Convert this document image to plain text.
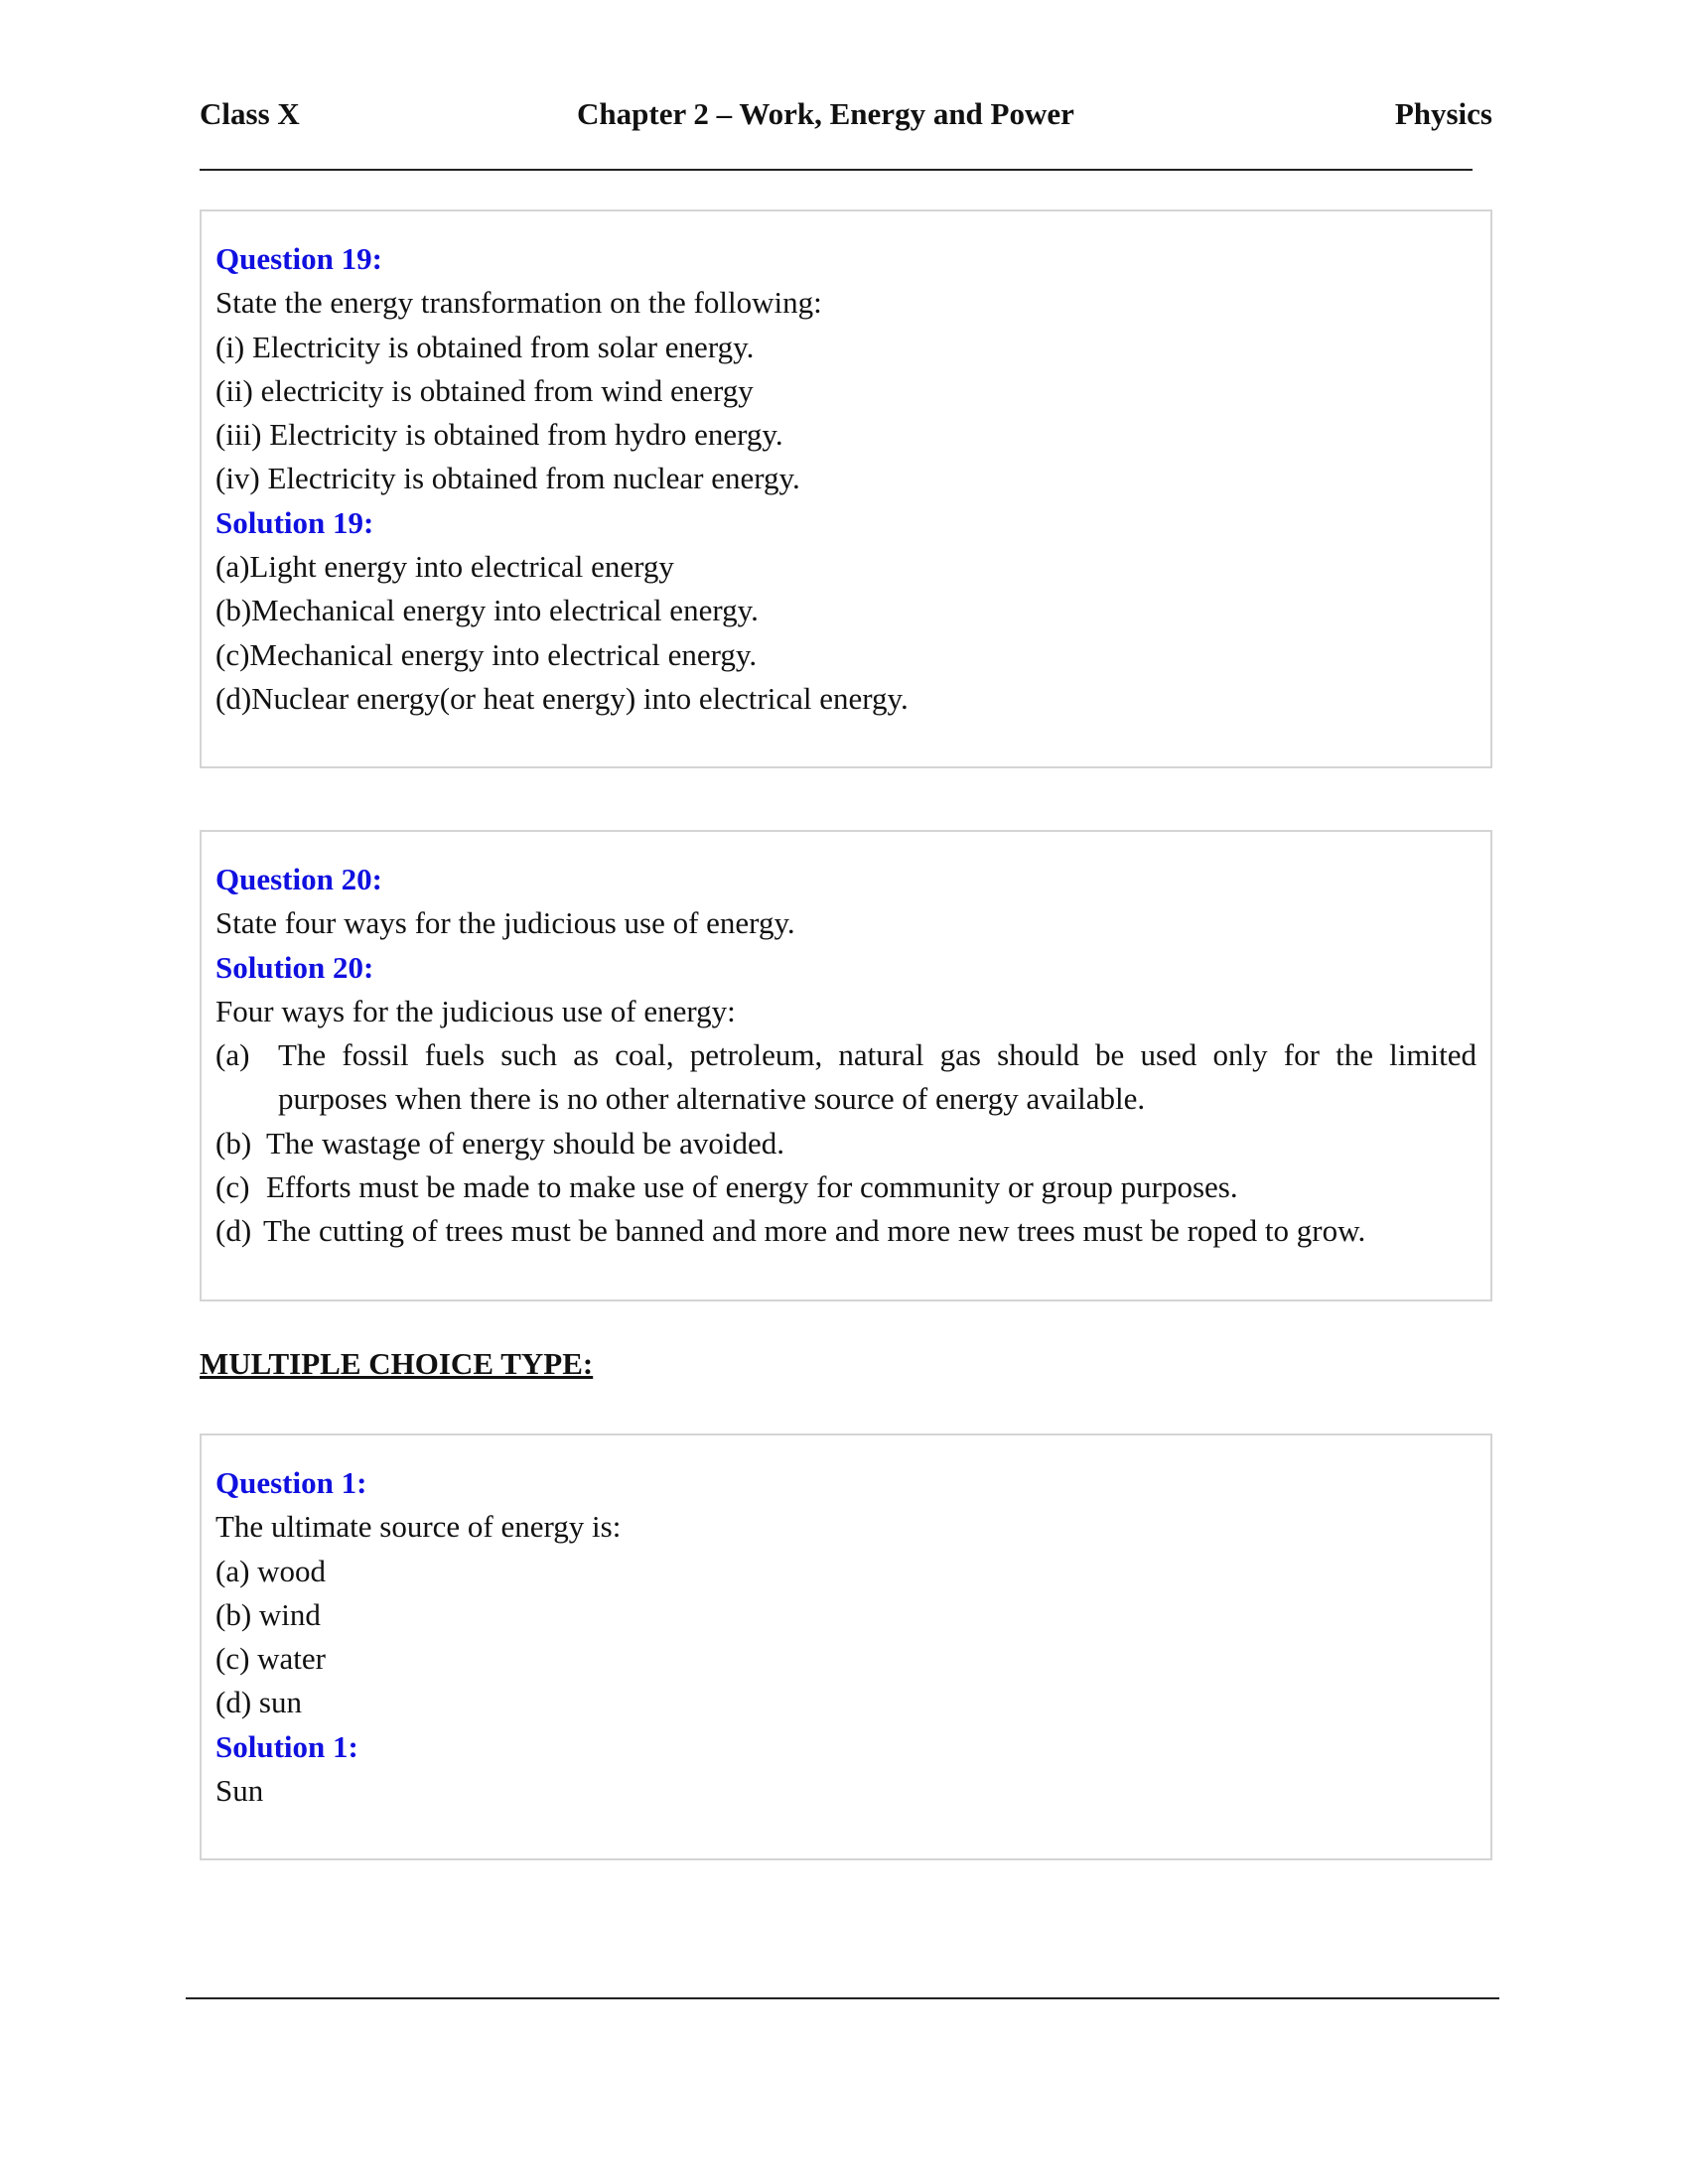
Class X	Chapter 2 – Work, Energy and Power	Physics
Question 19:
State the energy transformation on the following:
(i) Electricity is obtained from solar energy.
(ii) electricity is obtained from wind energy
(iii) Electricity is obtained from hydro energy.
(iv) Electricity is obtained from nuclear energy.
Solution 19:
(a)Light energy into electrical energy
(b)Mechanical energy into electrical energy.
(c)Mechanical energy into electrical energy.
(d)Nuclear energy(or heat energy) into electrical energy.
Question 20:
State four ways for the judicious use of energy.
Solution 20:
Four ways for the judicious use of energy:
(a) The fossil fuels such as coal, petroleum, natural gas should be used only for the limited
purposes when there is no other alternative source of energy available.
(b) The wastage of energy should be avoided.
(c) Efforts must be made to make use of energy for community or group purposes.
(d) The cutting of trees must be banned and more and more new trees must be roped to grow.
MULTIPLE CHOICE TYPE:
Question 1:
The ultimate source of energy is:
(a) wood
(b) wind
(c) water
(d) sun
Solution 1:
Sun
